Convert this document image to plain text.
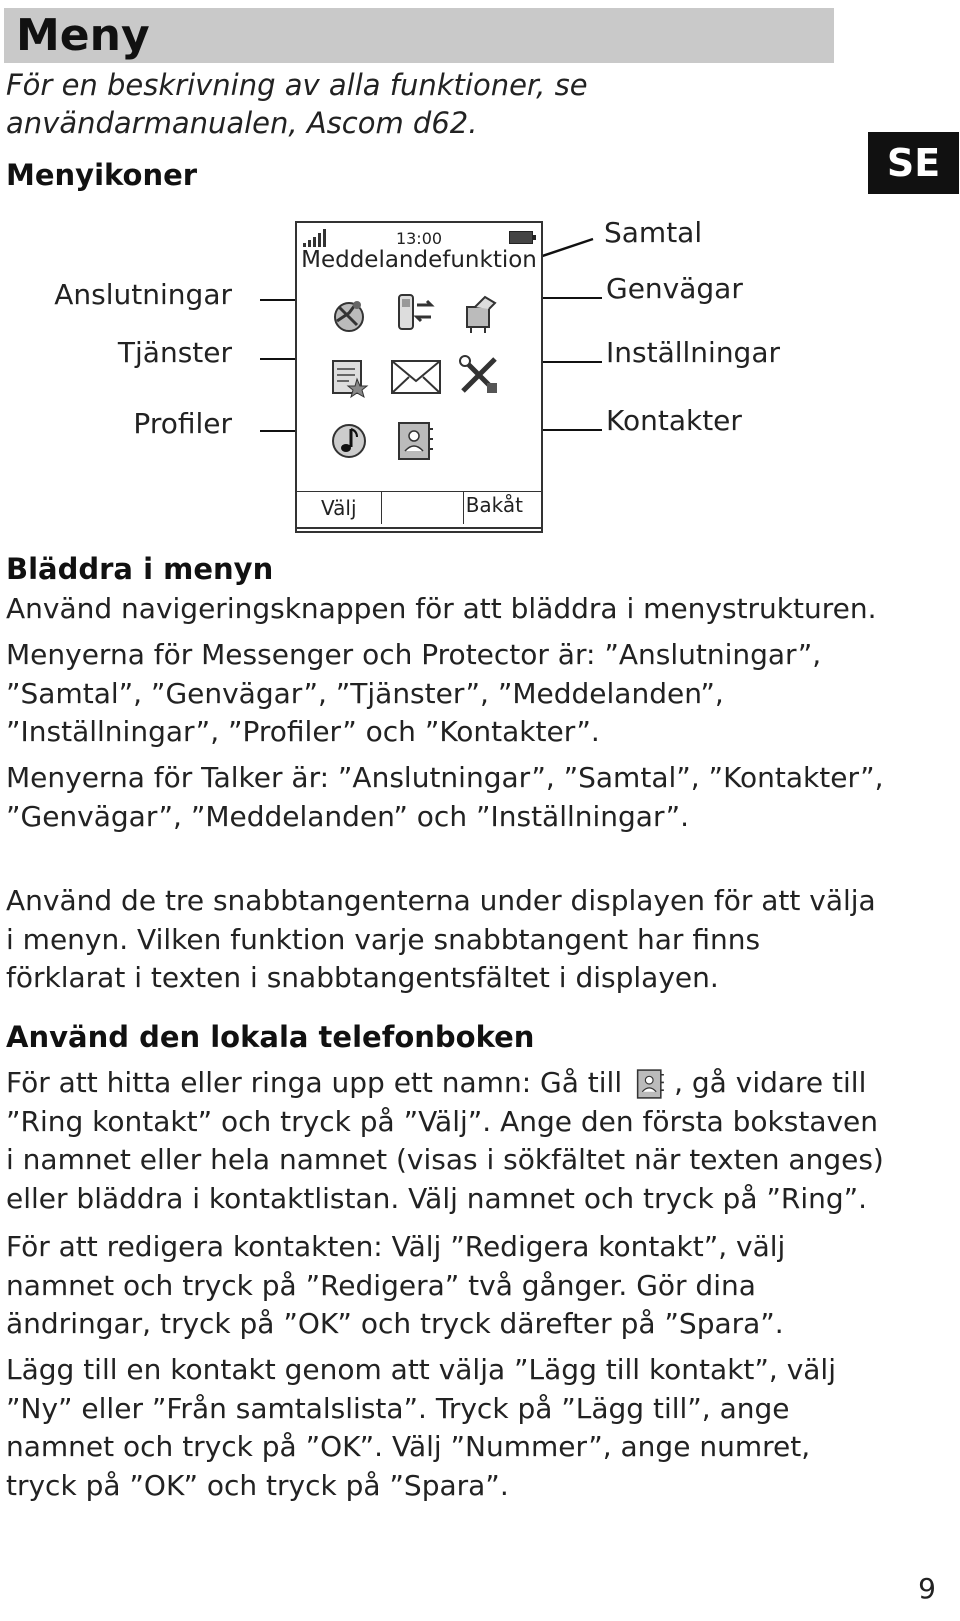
Meny
För en beskrivning av alla funktioner, se användarmanualen, Ascom d62.
SE
Menyikoner
Anslutningar
Tjänster
Profiler
Samtal
Genvägar
Inställningar
Kontakter
13:00
Meddelandefunktion
Välj	Bakåt
Bläddra i menyn
Använd navigeringsknappen för att bläddra i menystrukturen.
Menyerna för Messenger och Protector är: ”Anslutningar”, ”Samtal”, ”Genvägar”, ”Tjänster”, ”Meddelanden”, ”Inställningar”, ”Profiler” och ”Kontakter”.
Menyerna för Talker är: ”Anslutningar”, ”Samtal”, ”Kontakter”, ”Genvägar”, ”Meddelanden” och ”Inställningar”.
Använd de tre snabbtangenterna under displayen för att välja i menyn. Vilken funktion varje snabbtangent har finns förklarat i texten i snabbtangentsfältet i displayen.
Använd den lokala telefonboken
För att hitta eller ringa upp ett namn: Gå till , gå vidare till ”Ring kontakt” och tryck på ”Välj”. Ange den första bokstaven i namnet eller hela namnet (visas i sökfältet när texten anges) eller bläddra i kontaktlistan. Välj namnet och tryck på ”Ring”.
För att redigera kontakten: Välj ”Redigera kontakt”, välj namnet och tryck på ”Redigera” två gånger. Gör dina ändringar, tryck på ”OK” och tryck därefter på ”Spara”.
Lägg till en kontakt genom att välja ”Lägg till kontakt”, välj ”Ny” eller ”Från samtalslista”. Tryck på ”Lägg till”, ange namnet och tryck på ”OK”. Välj ”Nummer”, ange numret, tryck på ”OK” och tryck på ”Spara”.
9
